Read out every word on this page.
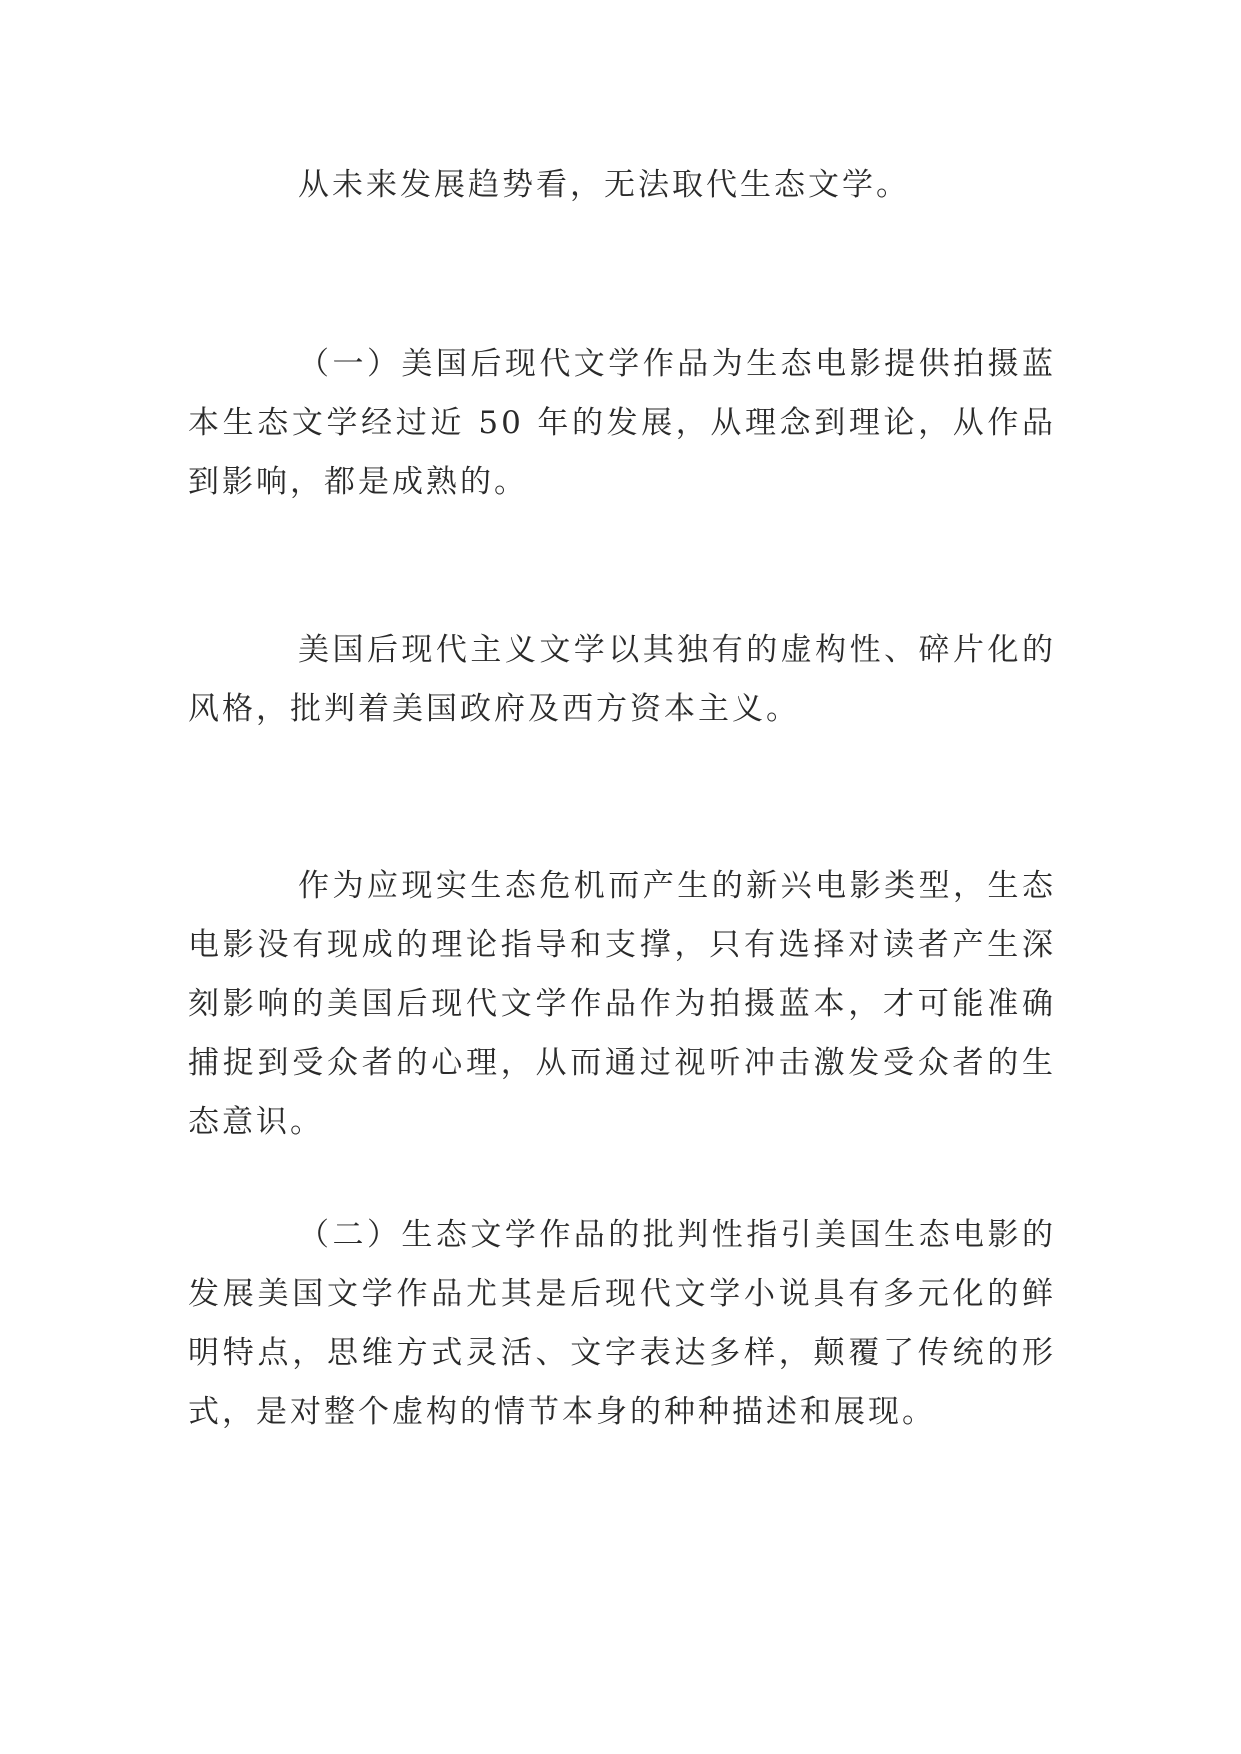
从未来发展趋势看，无法取代生态文学。

（一）美国后现代文学作品为生态电影提供拍摄蓝本生态文学经过近 50 年的发展，从理念到理论，从作品到影响，都是成熟的。

美国后现代主义文学以其独有的虚构性、碎片化的风格，批判着美国政府及西方资本主义。

作为应现实生态危机而产生的新兴电影类型，生态电影没有现成的理论指导和支撑，只有选择对读者产生深刻影响的美国后现代文学作品作为拍摄蓝本，才可能准确捕捉到受众者的心理，从而通过视听冲击激发受众者的生态意识。

（二）生态文学作品的批判性指引美国生态电影的发展美国文学作品尤其是后现代文学小说具有多元化的鲜明特点，思维方式灵活、文字表达多样，颠覆了传统的形式，是对整个虚构的情节本身的种种描述和展现。
